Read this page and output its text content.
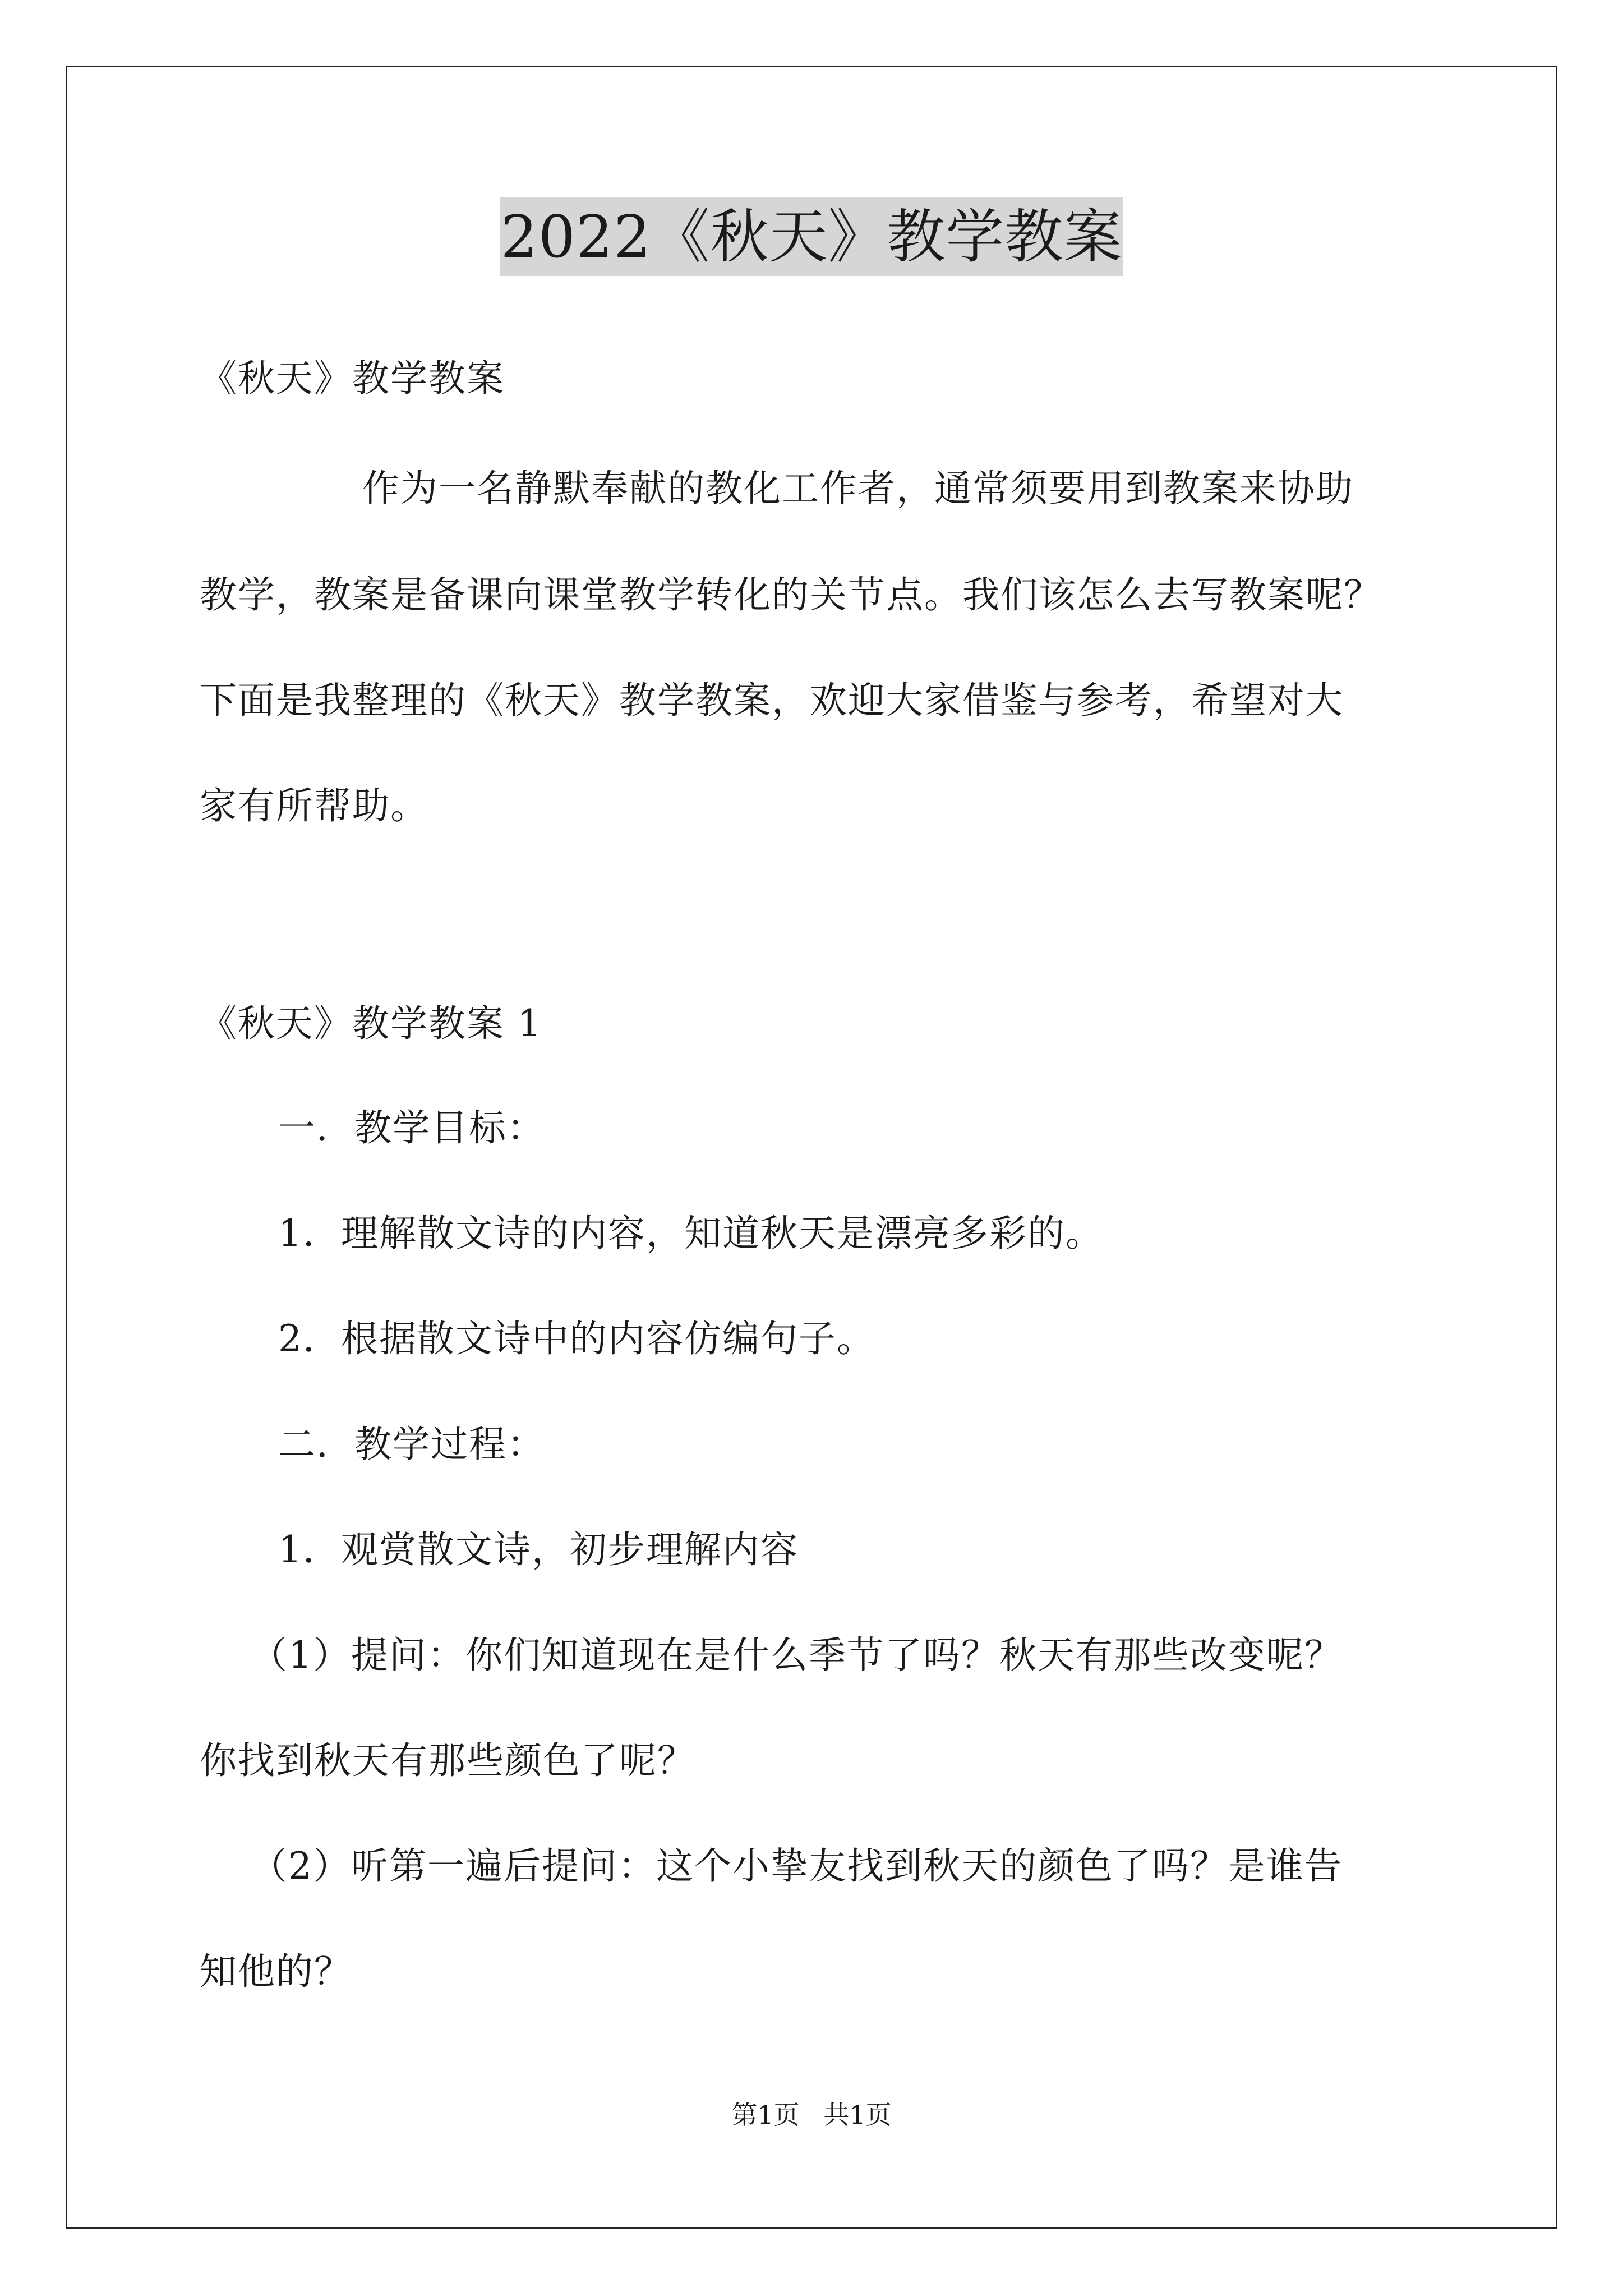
2022《秋天》教学教案
《秋天》教学教案
作为一名静默奉献的教化工作者，通常须要用到教案来协助
教学，教案是备课向课堂教学转化的关节点。我们该怎么去写教案呢？
下面是我整理的《秋天》教学教案，欢迎大家借鉴与参考，希望对大
家有所帮助。
《秋天》教学教案 1
一．教学目标：
1．理解散文诗的内容，知道秋天是漂亮多彩的。
2．根据散文诗中的内容仿编句子。
二．教学过程：
1．观赏散文诗，初步理解内容
（1）提问：你们知道现在是什么季节了吗？秋天有那些改变呢？
你找到秋天有那些颜色了呢？
（2）听第一遍后提问：这个小挚友找到秋天的颜色了吗？是谁告
知他的？
第1页 共1页
